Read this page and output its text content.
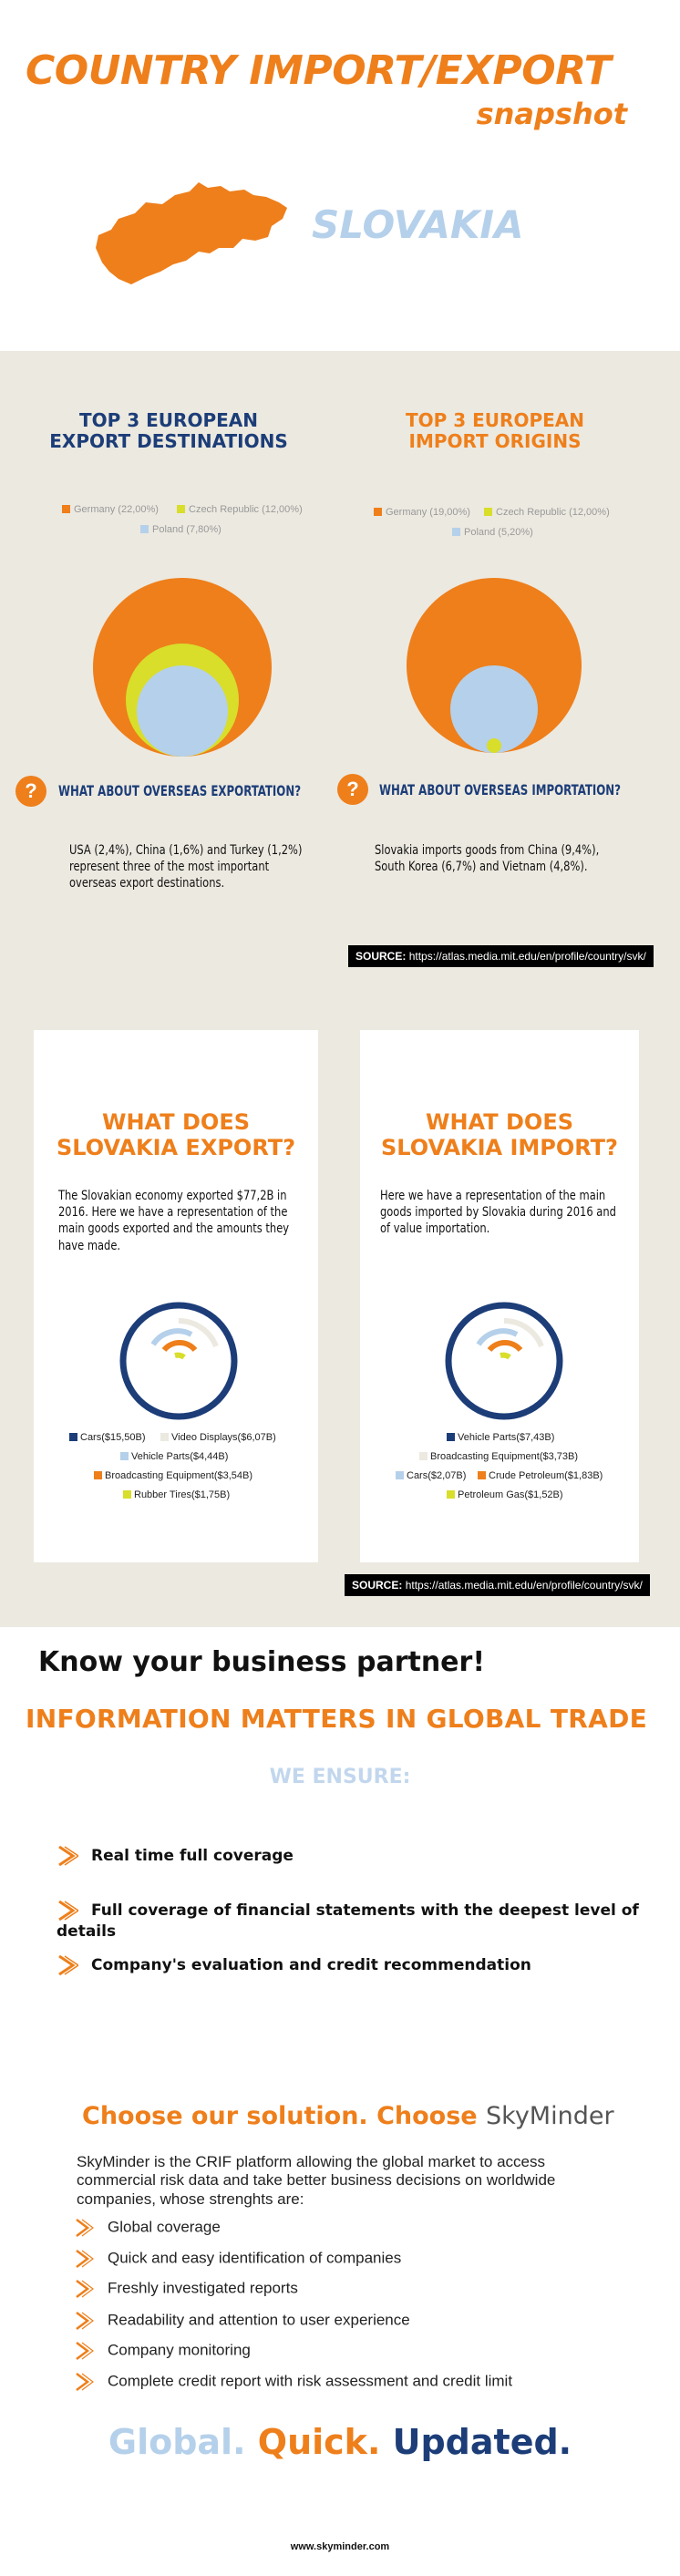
COUNTRY IMPORT/EXPORT
snapshot
SLOVAKIA
TOP 3 EUROPEAN
EXPORT DESTINATIONS
TOP 3 EUROPEAN
IMPORT ORIGINS
Germany (22,00%)	Czech Republic (12,00%)
Poland (7,80%)
Germany (19,00%)	Czech Republic (12,00%)
Poland (5,20%)
?	WHAT ABOUT OVERSEAS EXPORTATION?	?	WHAT ABOUT OVERSEAS IMPORTATION?
USA (2,4%), China (1,6%) and Turkey (1,2%) represent three of the most important overseas export destinations.
Slovakia imports goods from China (9,4%), South Korea (6,7%) and Vietnam (4,8%).
SOURCE: https://atlas.media.mit.edu/en/profile/country/svk/
WHAT DOES
SLOVAKIA EXPORT?
WHAT DOES
SLOVAKIA IMPORT?
The Slovakian economy exported $77,2B in 2016. Here we have a representation of the main goods exported and the amounts they have made.
Here we have a representation of the main goods imported by Slovakia during 2016 and of value importation.
Cars($15,50B)	Video Displays($6,07B)
Vehicle Parts($4,44B)
Broadcasting Equipment($3,54B)
Rubber Tires($1,75B)
Vehicle Parts($7,43B)
Broadcasting Equipment($3,73B)
Cars($2,07B)	Crude Petroleum($1,83B)
Petroleum Gas($1,52B)
SOURCE: https://atlas.media.mit.edu/en/profile/country/svk/
Know your business partner!
INFORMATION MATTERS IN GLOBAL TRADE
WE ENSURE:
Real time full coverage
Full coverage of financial statements with the deepest level of details
Company's evaluation and credit recommendation
Choose our solution. Choose SkyMinder
SkyMinder is the CRIF platform allowing the global market to access commercial risk data and take better business decisions on worldwide companies, whose strenghts are:
Global coverage
Quick and easy identification of companies
Freshly investigated reports
Readability and attention to user experience
Company monitoring
Complete credit report with risk assessment and credit limit
Global. Quick. Updated.
www.skyminder.com
